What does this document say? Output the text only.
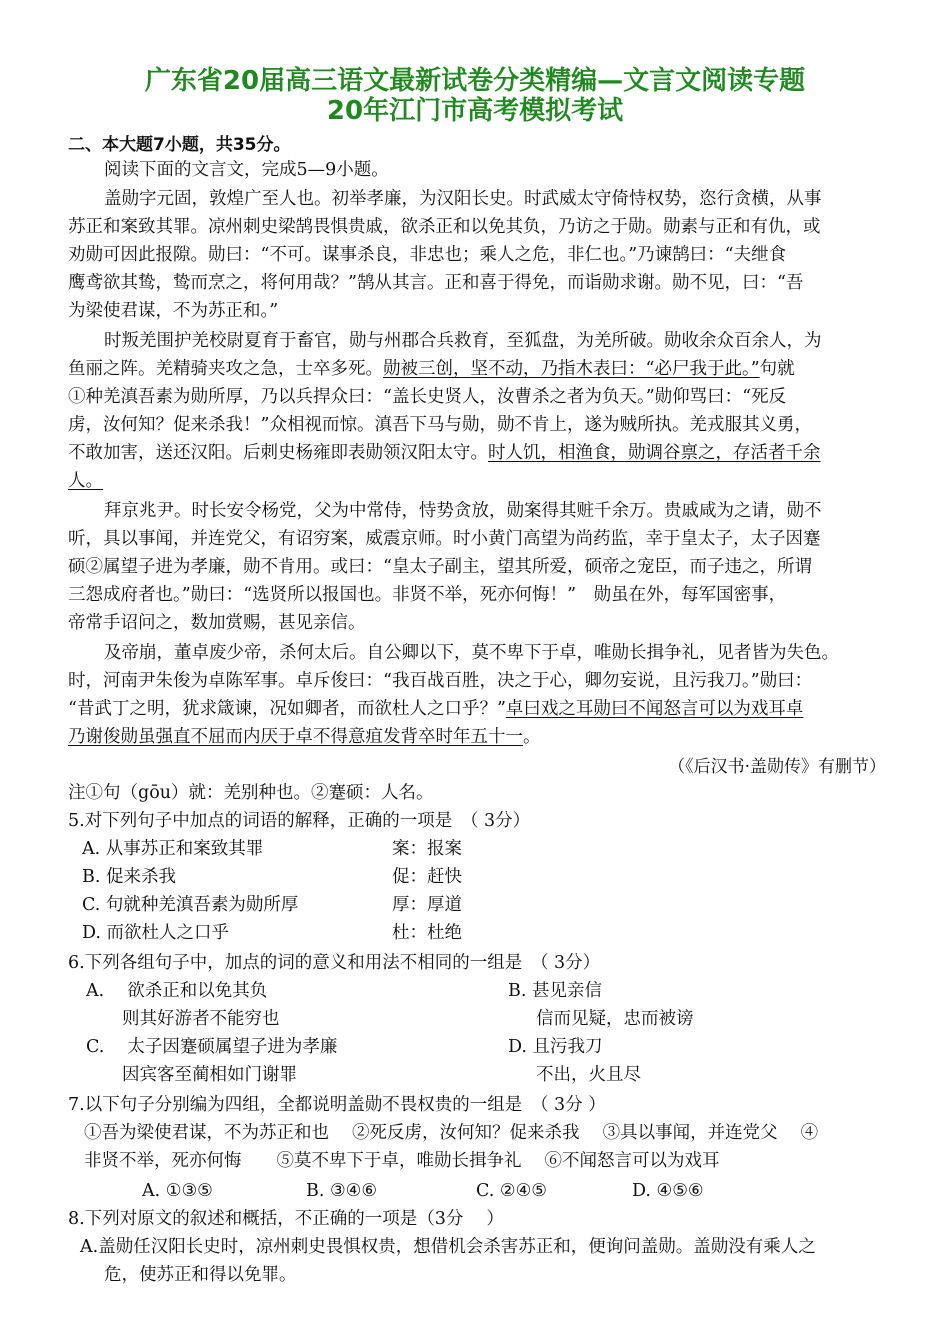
广东省20届高三语文最新试卷分类精编—文言文阅读专题
20年江门市高考模拟考试
二、本大题7小题，共35分。
阅读下面的文言文，完成5—9小题。
盖勋字元固，敦煌广至人也。初举孝廉，为汉阳长史。时武威太守倚恃权势，恣行贪横，从事
苏正和案致其罪。凉州刺史梁鹄畏惧贵戚，欲杀正和以免其负，乃访之于勋。勋素与正和有仇，或
劝勋可因此报隙。勋曰：“不可。谋事杀良，非忠也；乘人之危，非仁也。”乃谏鹄曰：“夫绁食
鹰鸢欲其鸷，鸷而烹之，将何用哉？”鹄从其言。正和喜于得免，而诣勋求谢。勋不见，曰：“吾
为梁使君谋，不为苏正和。”
时叛羌围护羌校尉夏育于畜官，勋与州郡合兵救育，至狐盘，为羌所破。勋收余众百余人，为
鱼丽之阵。羌精骑夹攻之急，士卒多死。勋被三创，坚不动，乃指木表曰：“必尸我于此。”句就
①种羌滇吾素为勋所厚，乃以兵捍众曰：“盖长史贤人，汝曹杀之者为负天。”勋仰骂曰：“死反
虏，汝何知？促来杀我！”众相视而惊。滇吾下马与勋，勋不肯上，遂为贼所执。羌戎服其义勇，
不敢加害，送还汉阳。后刺史杨雍即表勋领汉阳太守。时人饥，相渔食，勋调谷禀之，存活者千余
人。
拜京兆尹。时长安令杨党，父为中常侍，恃势贪放，勋案得其赃千余万。贵戚咸为之请，勋不
听，具以事闻，并连党父，有诏穷案，威震京师。时小黄门高望为尚药监，幸于皇太子，太子因蹇
硕②属望子进为孝廉，勋不肯用。或曰：“皇太子副主，望其所爱，硕帝之宠臣，而子违之，所谓
三怨成府者也。”勋曰：“选贤所以报国也。非贤不举，死亦何悔！”　勋虽在外，每军国密事，
帝常手诏问之，数加赏赐，甚见亲信。
及帝崩，董卓废少帝，杀何太后。自公卿以下，莫不卑下于卓，唯勋长揖争礼，见者皆为失色。
时，河南尹朱俊为卓陈军事。卓斥俊曰：“我百战百胜，决之于心，卿勿妄说，且污我刀。”勋曰：
“昔武丁之明，犹求箴谏，况如卿者，而欲杜人之口乎？”卓曰戏之耳勋曰不闻怒言可以为戏耳卓
乃谢俊勋虽强直不屈而内厌于卓不得意疽发背卒时年五十一。
（《后汉书·盖勋传》有删节）
注①句（gōu）就：羌别种也。②蹇硕：人名。
5.对下列句子中加点的词语的解释，正确的一项是　（ 3分）
A. 从事苏正和案致其罪	案：报案
B. 促来杀我	促：赶快
C. 句就种羌滇吾素为勋所厚	厚：厚道
D. 而欲杜人之口乎	杜：杜绝
6.下列各组句子中，加点的词的意义和用法不相同的一组是　（ 3分）
A.　 欲杀正和以免其负
则其好游者不能穷也
B. 甚见亲信
信而见疑，忠而被谤
C.　 太子因蹇硕属望子进为孝廉
因宾客至蔺相如门谢罪
D. 且污我刀
不出，火且尽
7.以下句子分别编为四组，全都说明盖勋不畏权贵的一组是　（ 3分 ）
①吾为梁使君谋，不为苏正和也　 ②死反虏，汝何知？促来杀我　 ③具以事闻，并连党父　 ④
非贤不举，死亦何悔　　⑤莫不卑下于卓，唯勋长揖争礼　 ⑥不闻怒言可以为戏耳
A. ①③⑤	B. ③④⑥	C. ②④⑤	D. ④⑤⑥
8.下列对原文的叙述和概括，不正确的一项是（3分　 ）
A.盖勋任汉阳长史时，凉州刺史畏惧权贵，想借机会杀害苏正和，便询问盖勋。盖勋没有乘人之
危，使苏正和得以免罪。
